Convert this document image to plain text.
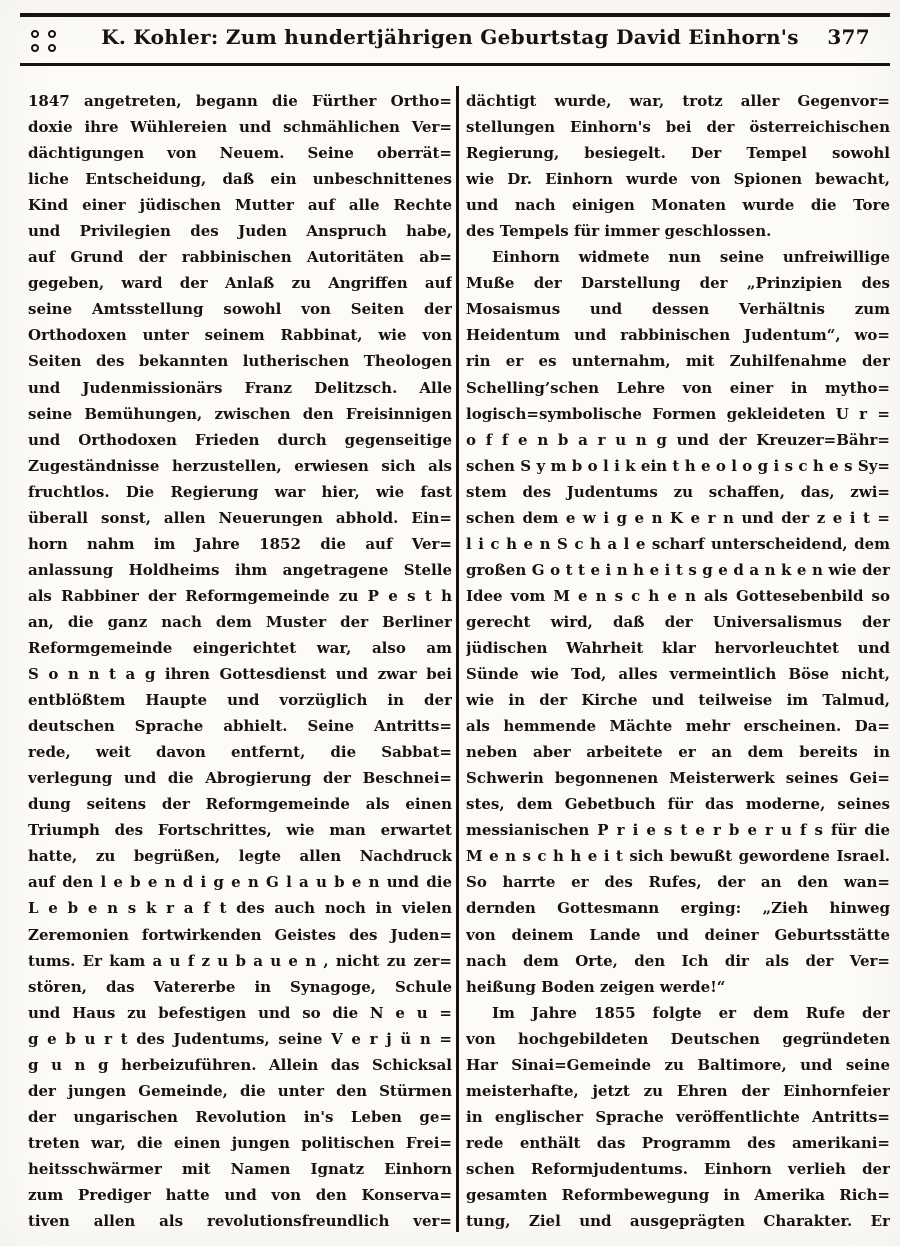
K. Kohler: Zum hundertjährigen Geburtstag David Einhorn's 377
1847 angetreten, begann die Fürther Ortho=
doxie ihre Wühlereien und schmählichen Ver=
dächtigungen von Neuem. Seine oberrät=
liche Entscheidung, daß ein unbeschnittenes
Kind einer jüdischen Mutter auf alle Rechte
und Privilegien des Juden Anspruch habe,
auf Grund der rabbinischen Autoritäten ab=
gegeben, ward der Anlaß zu Angriffen auf
seine Amtsstellung sowohl von Seiten der
Orthodoxen unter seinem Rabbinat, wie von
Seiten des bekannten lutherischen Theologen
und Judenmissionärs Franz Delitzsch. Alle
seine Bemühungen, zwischen den Freisinnigen
und Orthodoxen Frieden durch gegenseitige
Zugeständnisse herzustellen, erwiesen sich als
fruchtlos. Die Regierung war hier, wie fast
überall sonst, allen Neuerungen abhold. Ein=
horn nahm im Jahre 1852 die auf Ver=
anlassung Holdheims ihm angetragene Stelle
als Rabbiner der Reformgemeinde zu P e s t h
an, die ganz nach dem Muster der Berliner
Reformgemeinde eingerichtet war, also am
S o n n t a g ihren Gottesdienst und zwar bei
entblößtem Haupte und vorzüglich in der
deutschen Sprache abhielt. Seine Antritts=
rede, weit davon entfernt, die Sabbat=
verlegung und die Abrogierung der Beschnei=
dung seitens der Reformgemeinde als einen
Triumph des Fortschrittes, wie man erwartet
hatte, zu begrüßen, legte allen Nachdruck
auf den l e b e n d i g e n G l a u b e n und die
L e b e n s k r a f t des auch noch in vielen
Zeremonien fortwirkenden Geistes des Juden=
tums. Er kam a u f z u b a u e n , nicht zu zer=
stören, das Vatererbe in Synagoge, Schule
und Haus zu befestigen und so die N e u =
g e b u r t des Judentums, seine V e r j ü n =
g u n g herbeizuführen. Allein das Schicksal
der jungen Gemeinde, die unter den Stürmen
der ungarischen Revolution in's Leben ge=
treten war, die einen jungen politischen Frei=
heitsschwärmer mit Namen Ignatz Einhorn
zum Prediger hatte und von den Konserva=
tiven allen als revolutionsfreundlich ver=
dächtigt wurde, war, trotz aller Gegenvor=
stellungen Einhorn's bei der österreichischen
Regierung, besiegelt. Der Tempel sowohl
wie Dr. Einhorn wurde von Spionen bewacht,
und nach einigen Monaten wurde die Tore
des Tempels für immer geschlossen.
Einhorn widmete nun seine unfreiwillige
Muße der Darstellung der „Prinzipien des
Mosaismus und dessen Verhältnis zum
Heidentum und rabbinischen Judentum“, wo=
rin er es unternahm, mit Zuhilfenahme der
Schelling’schen Lehre von einer in mytho=
logisch=symbolische Formen gekleideten U r =
o f f e n b a r u n g und der Kreuzer=Bähr=
schen S y m b o l i k ein t h e o l o g i s c h e s Sy=
stem des Judentums zu schaffen, das, zwi=
schen dem e w i g e n K e r n und der z e i t =
l i c h e n S c h a l e scharf unterscheidend, dem
großen G o t t e i n h e i t s g e d a n k e n wie der
Idee vom M e n s c h e n als Gottesebenbild so
gerecht wird, daß der Universalismus der
jüdischen Wahrheit klar hervorleuchtet und
Sünde wie Tod, alles vermeintlich Böse nicht,
wie in der Kirche und teilweise im Talmud,
als hemmende Mächte mehr erscheinen. Da=
neben aber arbeitete er an dem bereits in
Schwerin begonnenen Meisterwerk seines Gei=
stes, dem Gebetbuch für das moderne, seines
messianischen P r i e s t e r b e r u f s für die
M e n s c h h e i t sich bewußt gewordene Israel.
So harrte er des Rufes, der an den wan=
dernden Gottesmann erging: „Zieh hinweg
von deinem Lande und deiner Geburtsstätte
nach dem Orte, den Ich dir als der Ver=
heißung Boden zeigen werde!“
Im Jahre 1855 folgte er dem Rufe der
von hochgebildeten Deutschen gegründeten
Har Sinai=Gemeinde zu Baltimore, und seine
meisterhafte, jetzt zu Ehren der Einhornfeier
in englischer Sprache veröffentlichte Antritts=
rede enthält das Programm des amerikani=
schen Reformjudentums. Einhorn verlieh der
gesamten Reformbewegung in Amerika Rich=
tung, Ziel und ausgeprägten Charakter. Er
